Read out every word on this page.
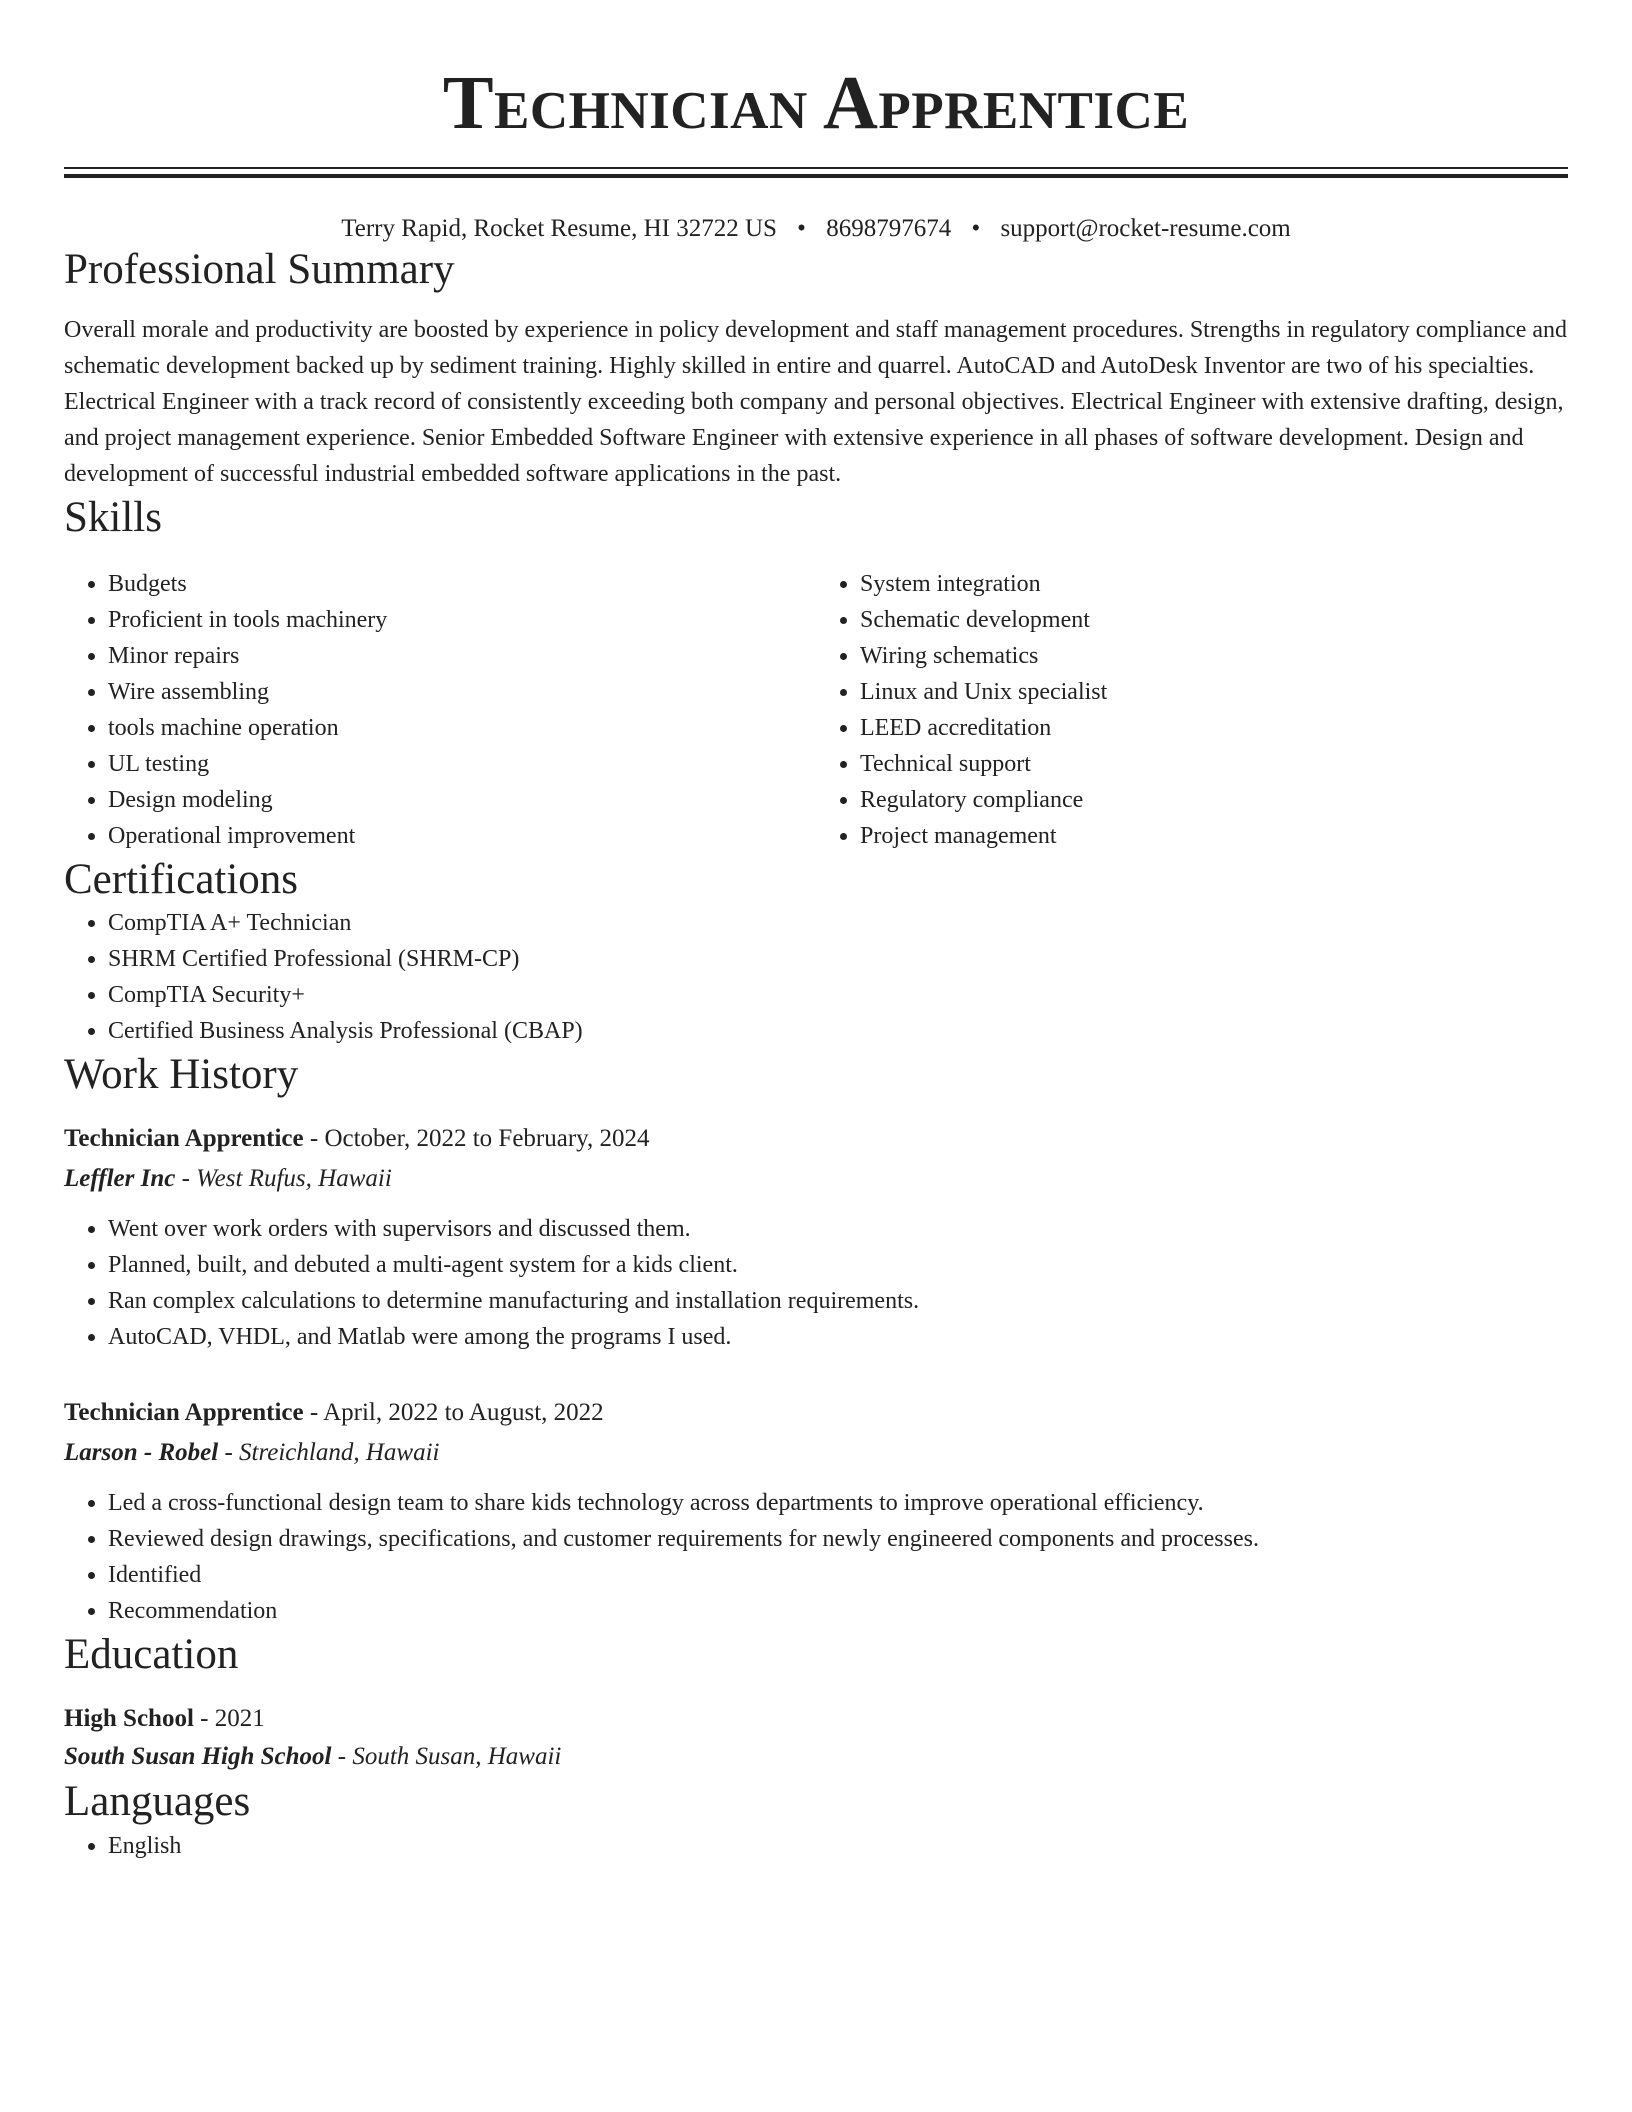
Technician Apprentice
Terry Rapid, Rocket Resume, HI 32722 US • 8698797674 • support@rocket-resume.com
Professional Summary

Overall morale and productivity are boosted by experience in policy development and staff management procedures. Strengths in regulatory compliance and schematic development backed up by sediment training. Highly skilled in entire and quarrel. AutoCAD and AutoDesk Inventor are two of his specialties. Electrical Engineer with a track record of consistently exceeding both company and personal objectives. Electrical Engineer with extensive drafting, design, and project management experience. Senior Embedded Software Engineer with extensive experience in all phases of software development. Design and development of successful industrial embedded software applications in the past.

Skills
• Budgets
• Proficient in tools machinery
• Minor repairs
• Wire assembling
• tools machine operation
• UL testing
• Design modeling
• Operational improvement
• System integration
• Schematic development
• Wiring schematics
• Linux and Unix specialist
• LEED accreditation
• Technical support
• Regulatory compliance
• Project management
Certifications
• CompTIA A+ Technician
• SHRM Certified Professional (SHRM-CP)
• CompTIA Security+
• Certified Business Analysis Professional (CBAP)
Work History
Technician Apprentice - October, 2022 to February, 2024
Leffler Inc - West Rufus, Hawaii
• Went over work orders with supervisors and discussed them.
• Planned, built, and debuted a multi-agent system for a kids client.
• Ran complex calculations to determine manufacturing and installation requirements.
• AutoCAD, VHDL, and Matlab were among the programs I used.
Technician Apprentice - April, 2022 to August, 2022
Larson - Robel - Streichland, Hawaii
• Led a cross-functional design team to share kids technology across departments to improve operational efficiency.
• Reviewed design drawings, specifications, and customer requirements for newly engineered components and processes.
• Identified
• Recommendation
Education
High School - 2021
South Susan High School - South Susan, Hawaii
Languages
• English
